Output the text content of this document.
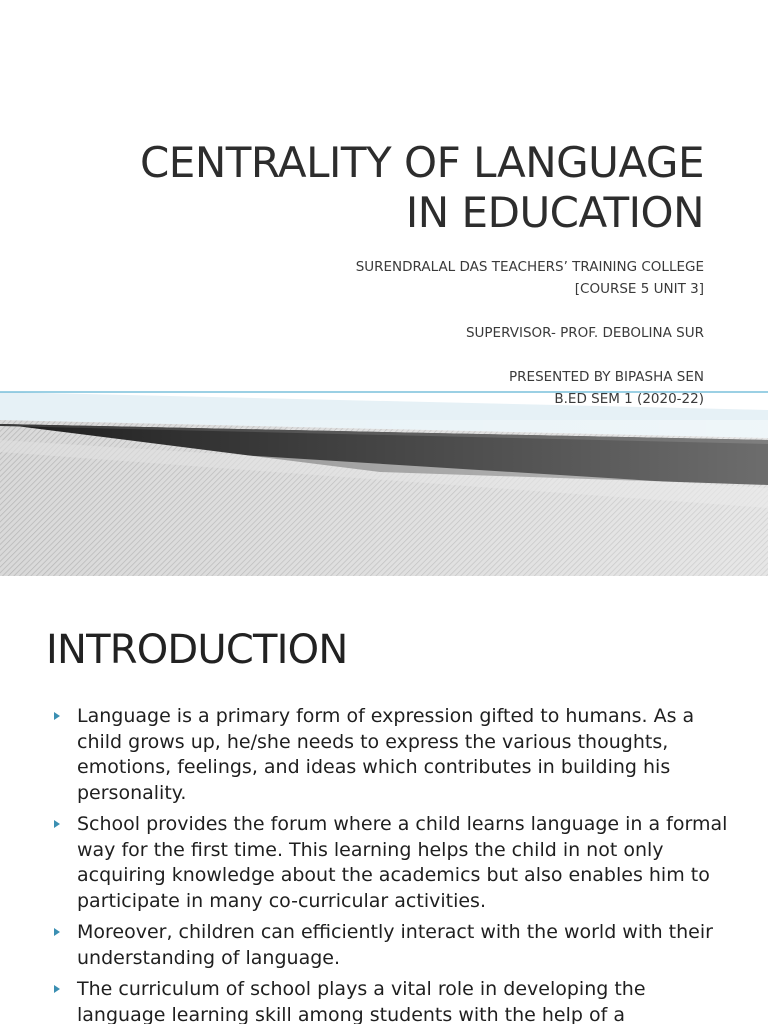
CENTRALITY OF LANGUAGE
IN EDUCATION
SURENDRALAL DAS TEACHERS’ TRAINING COLLEGE
[COURSE 5 UNIT 3]
SUPERVISOR- PROF. DEBOLINA SUR
PRESENTED BY BIPASHA SEN
B.ED SEM 1 (2020-22)
INTRODUCTION
Language is a primary form of expression gifted to humans. As a child grows up, he/she needs to express the various thoughts, emotions, feelings, and ideas which contributes in building his personality.
School provides the forum where a child learns language in a formal way for the first time. This learning helps the child in not only acquiring knowledge about the academics but also enables him to participate in many co-curricular activities.
Moreover, children can efficiently interact with the world with their understanding of language.
The curriculum of school plays a vital role in developing the language learning skill among students with the help of a
